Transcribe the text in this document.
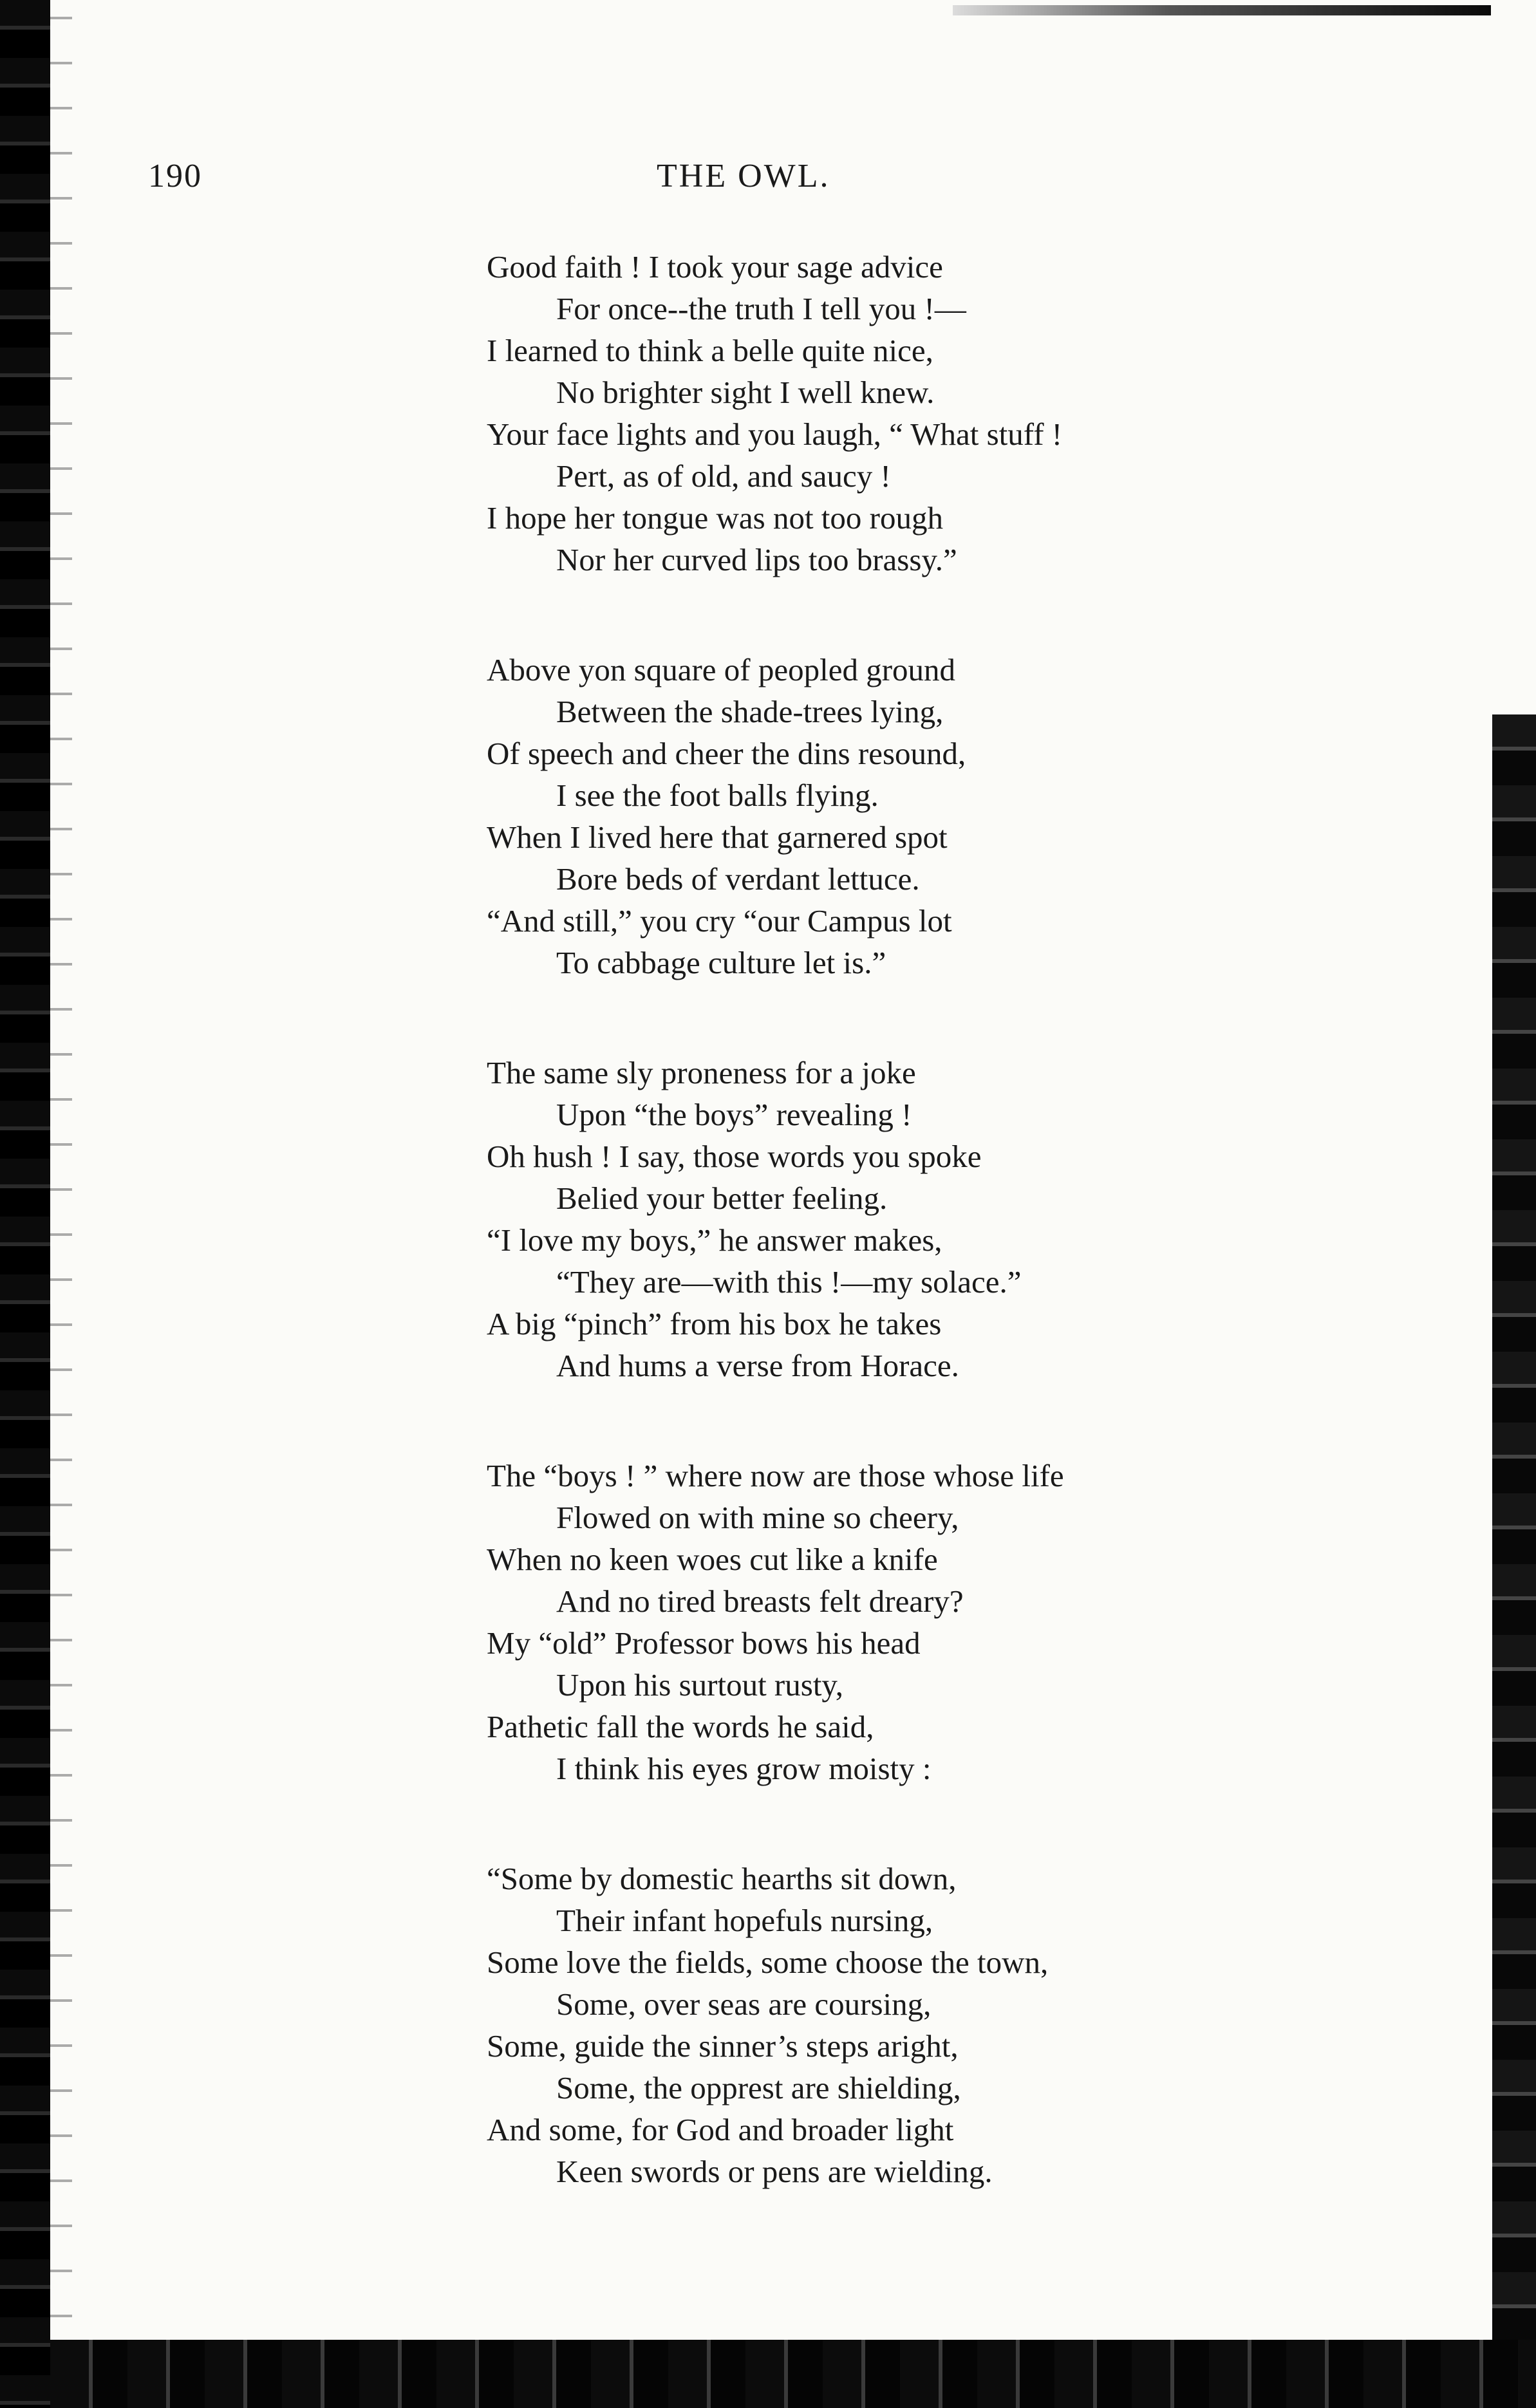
190	THE OWL.
Good faith ! I took your sage advice
For once--the truth I tell you !—
I learned to think a belle quite nice,
No brighter sight I well knew.
Your face lights and you laugh, “ What stuff !
Pert, as of old, and saucy !
I hope her tongue was not too rough
Nor her curved lips too brassy.”
Above yon square of peopled ground
Between the shade-trees lying,
Of speech and cheer the dins resound,
I see the foot balls flying.
When I lived here that garnered spot
Bore beds of verdant lettuce.
“And still,” you cry “our Campus lot
To cabbage culture let is.”
The same sly proneness for a joke
Upon “the boys” revealing !
Oh hush ! I say, those words you spoke
Belied your better feeling.
“I love my boys,” he answer makes,
“They are—with this !—my solace.”
A big “pinch” from his box he takes
And hums a verse from Horace.
The “boys ! ” where now are those whose life
Flowed on with mine so cheery,
When no keen woes cut like a knife
And no tired breasts felt dreary?
My “old” Professor bows his head
Upon his surtout rusty,
Pathetic fall the words he said,
I think his eyes grow moisty :
“Some by domestic hearths sit down,
Their infant hopefuls nursing,
Some love the fields, some choose the town,
Some, over seas are coursing,
Some, guide the sinner’s steps aright,
Some, the opprest are shielding,
And some, for God and broader light
Keen swords or pens are wielding.
